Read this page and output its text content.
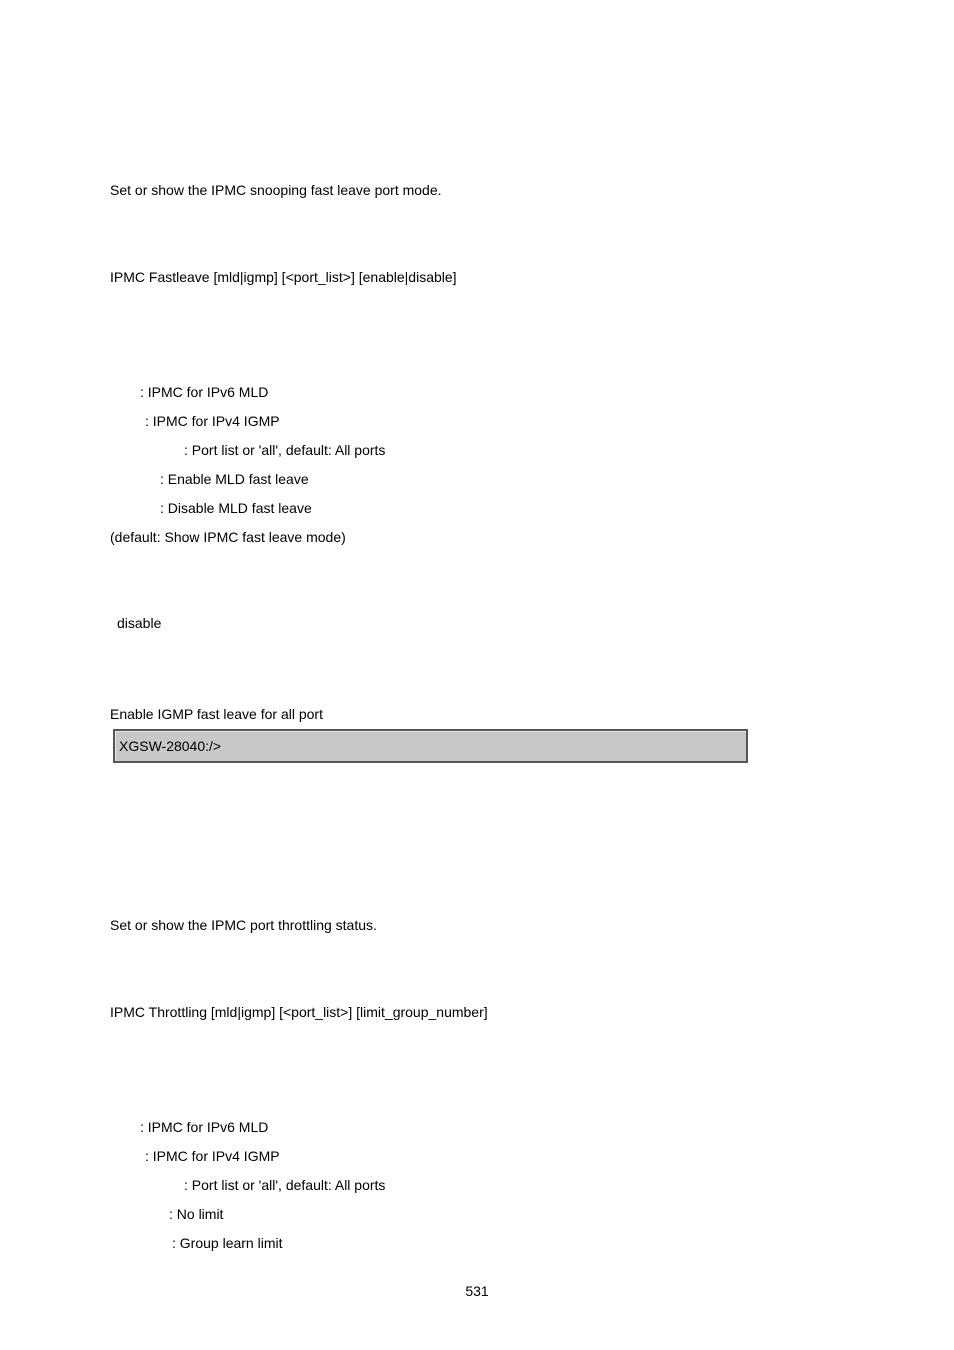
Set or show the IPMC snooping fast leave port mode.
IPMC Fastleave [mld|igmp] [<port_list>] [enable|disable]
: IPMC for IPv6 MLD
: IPMC for IPv4 IGMP
: Port list or 'all', default: All ports
: Enable MLD fast leave
: Disable MLD fast leave
(default: Show IPMC fast leave mode)
disable
Enable IGMP fast leave for all port
XGSW-28040:/>
Set or show the IPMC port throttling status.
IPMC Throttling [mld|igmp] [<port_list>] [limit_group_number]
: IPMC for IPv6 MLD
: IPMC for IPv4 IGMP
: Port list or 'all', default: All ports
: No limit
: Group learn limit
531
